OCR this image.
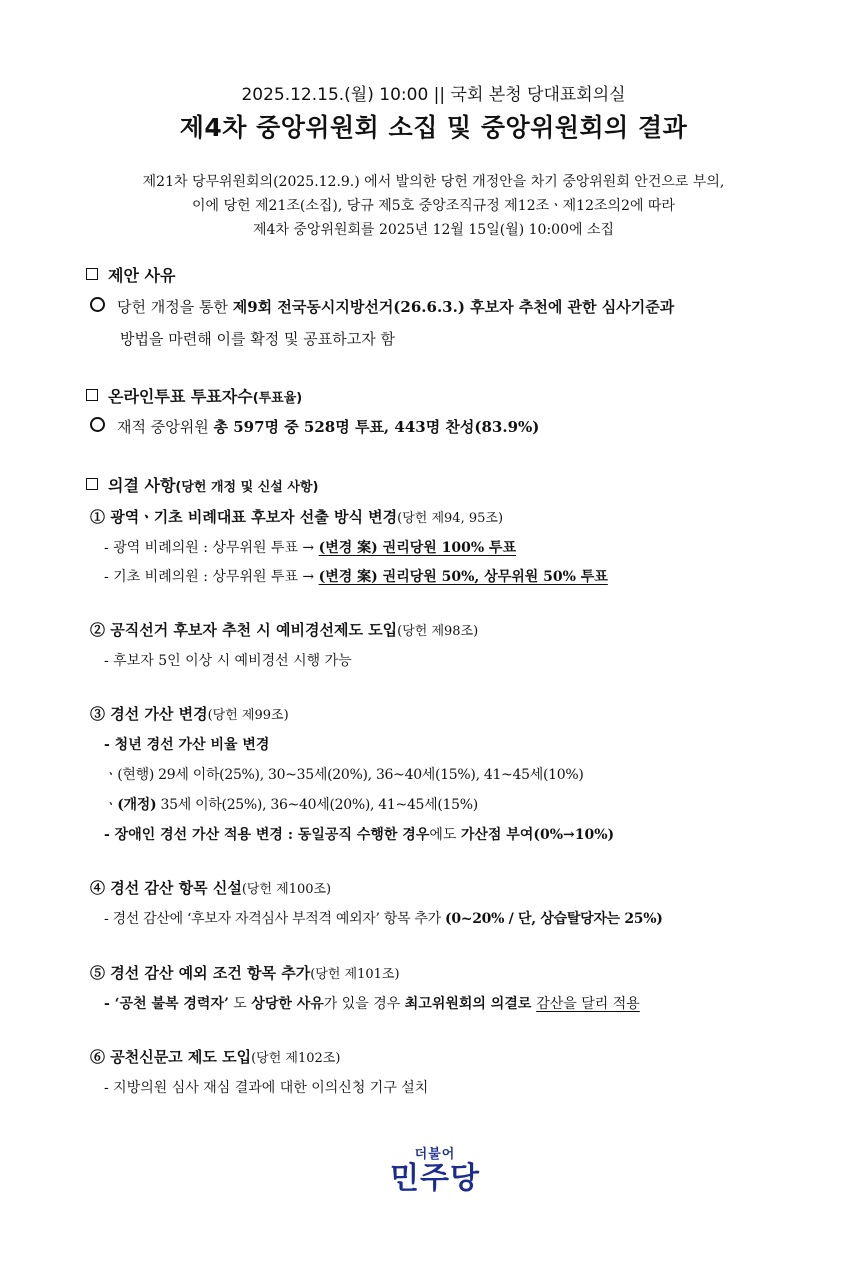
2025.12.15.(월) 10:00 || 국회 본청 당대표회의실
제4차 중앙위원회 소집 및 중앙위원회의 결과
제21차 당무위원회의(2025.12.9.) 에서 발의한 당헌 개정안을 차기 중앙위원회 안건으로 부의,
이에 당헌 제21조(소집), 당규 제5호 중앙조직규정 제12조ㆍ제12조의2에 따라
제4차 중앙위원회를 2025년 12월 15일(월) 10:00에 소집
제안 사유
당헌 개정을 통한 제9회 전국동시지방선거(26.6.3.) 후보자 추천에 관한 심사기준과
방법을 마련해 이를 확정 및 공표하고자 함
온라인투표 투표자수(투표율)
재적 중앙위원 총 597명 중 528명 투표, 443명 찬성(83.9%)
의결 사항(당헌 개정 및 신설 사항)
① 광역ㆍ기초 비례대표 후보자 선출 방식 변경(당헌 제94, 95조)
- 광역 비례의원 : 상무위원 투표 → (변경 案) 권리당원 100% 투표
- 기초 비례의원 : 상무위원 투표 → (변경 案) 권리당원 50%, 상무위원 50% 투표
② 공직선거 후보자 추천 시 예비경선제도 도입(당헌 제98조)
- 후보자 5인 이상 시 예비경선 시행 가능
③ 경선 가산 변경(당헌 제99조)
- 청년 경선 가산 비율 변경
ㆍ(현행) 29세 이하(25%), 30~35세(20%), 36~40세(15%), 41~45세(10%)
ㆍ(개정) 35세 이하(25%), 36~40세(20%), 41~45세(15%)
- 장애인 경선 가산 적용 변경 : 동일공직 수행한 경우에도 가산점 부여(0%→10%)
④ 경선 감산 항목 신설(당헌 제100조)
- 경선 감산에 ‘후보자 자격심사 부적격 예외자’ 항목 추가 (0~20% / 단, 상습탈당자는 25%)
⑤ 경선 감산 예외 조건 항목 추가(당헌 제101조)
- ‘공천 불복 경력자’ 도 상당한 사유가 있을 경우 최고위원회의 의결로 감산을 달리 적용
⑥ 공천신문고 제도 도입(당헌 제102조)
- 지방의원 심사 재심 결과에 대한 이의신청 기구 설치
더불어
민주당
